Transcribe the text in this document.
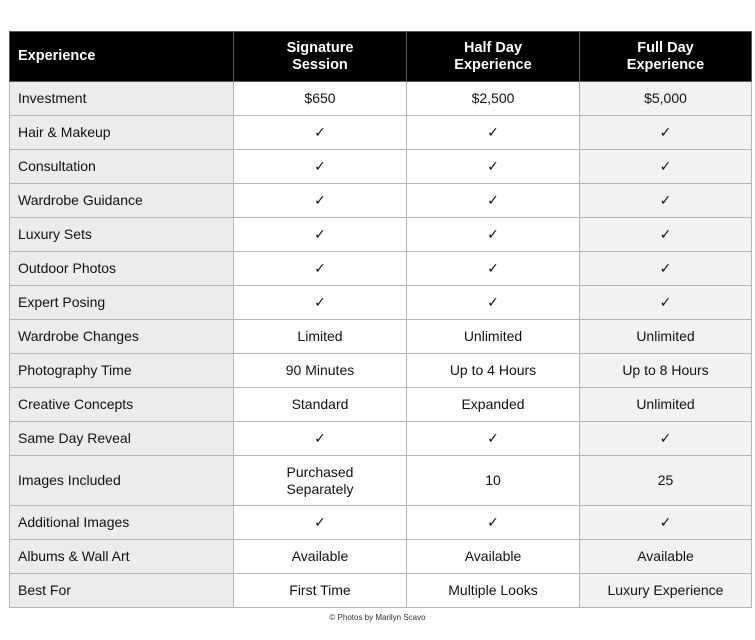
Experience	Signature Session	Half Day Experience	Full Day Experience
Investment	$650	$2,500	$5,000
Hair & Makeup	✓	✓	✓
Consultation	✓	✓	✓
Wardrobe Guidance	✓	✓	✓
Luxury Sets	✓	✓	✓
Outdoor Photos	✓	✓	✓
Expert Posing	✓	✓	✓
Wardrobe Changes	Limited	Unlimited	Unlimited
Photography Time	90 Minutes	Up to 4 Hours	Up to 8 Hours
Creative Concepts	Standard	Expanded	Unlimited
Same Day Reveal	✓	✓	✓
Images Included	Purchased Separately	10	25
Additional Images	✓	✓	✓
Albums & Wall Art	Available	Available	Available
Best For	First Time	Multiple Looks	Luxury Experience
© Photos by Marilyn Scavo
